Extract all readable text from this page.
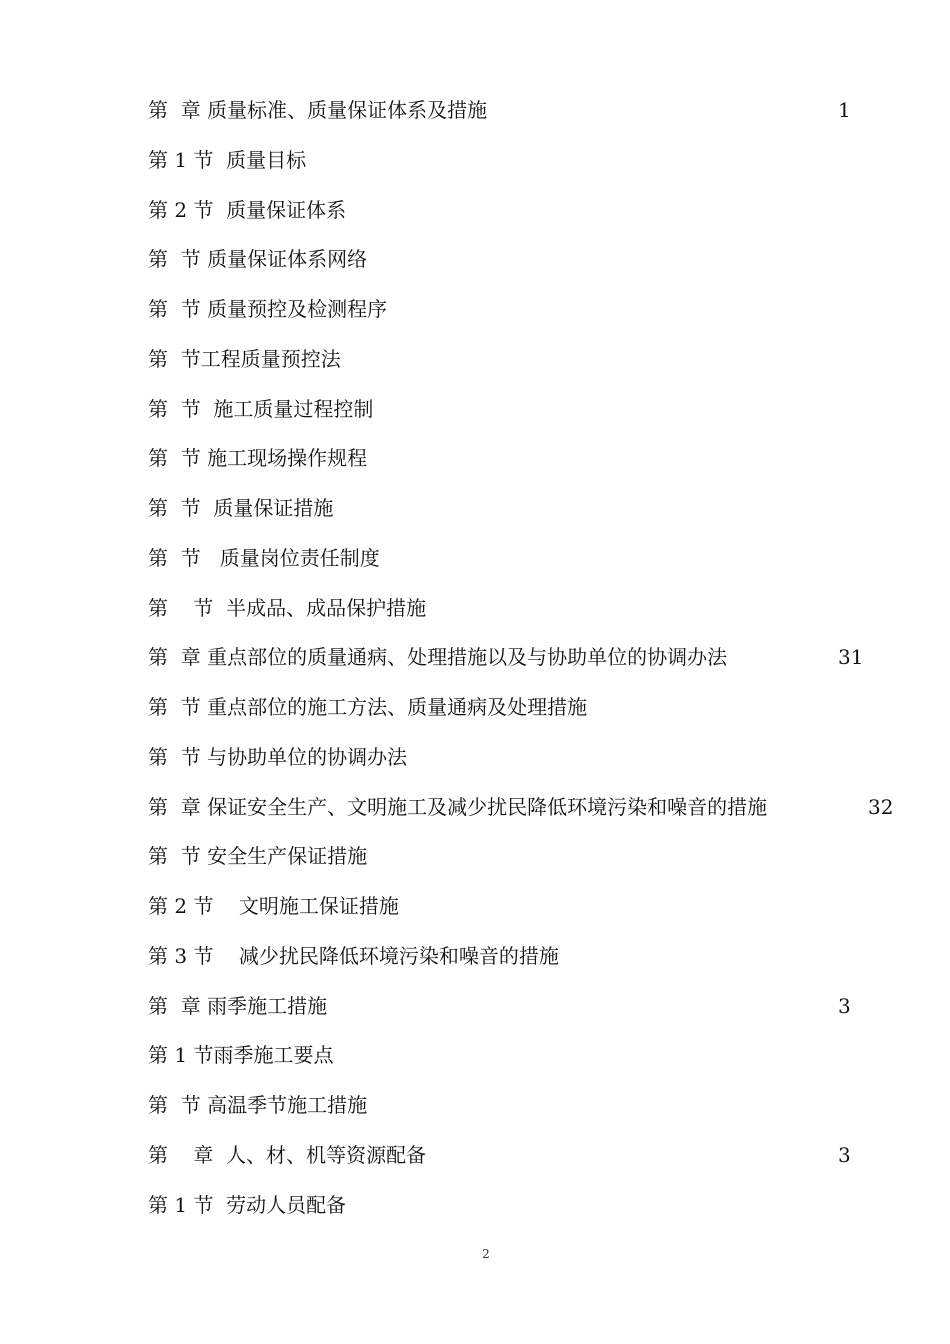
第  章 质量标准、质量保证体系及措施	1
第 1 节  质量目标
第 2 节  质量保证体系
第  节 质量保证体系网络
第  节 质量预控及检测程序
第  节工程质量预控法
第  节  施工质量过程控制
第  节 施工现场操作规程
第  节  质量保证措施
第  节   质量岗位责任制度
第    节  半成品、成品保护措施
第  章 重点部位的质量通病、处理措施以及与协助单位的协调办法	31
第  节 重点部位的施工方法、质量通病及处理措施
第  节 与协助单位的协调办法
第  章 保证安全生产、文明施工及减少扰民降低环境污染和噪音的措施	32
第  节 安全生产保证措施
第 2 节    文明施工保证措施
第 3 节    减少扰民降低环境污染和噪音的措施
第  章 雨季施工措施	3
第 1 节雨季施工要点
第  节 高温季节施工措施
第    章  人、材、机等资源配备	3
第 1 节  劳动人员配备
2
